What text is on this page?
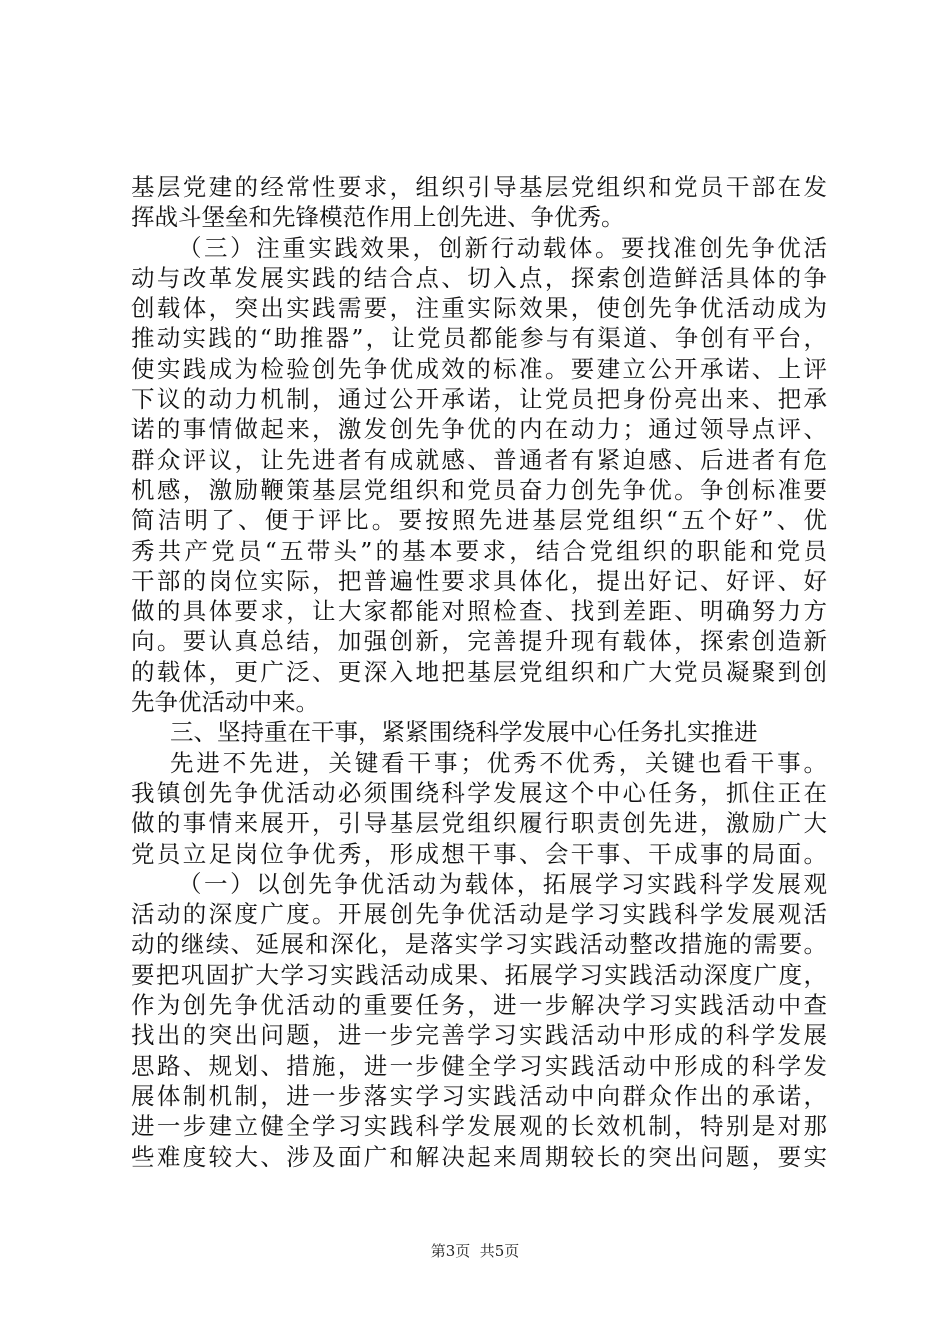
基层党建的经常性要求，组织引导基层党组织和党员干部在发
挥战斗堡垒和先锋模范作用上创先进、争优秀。
（三）注重实践效果，创新行动载体。要找准创先争优活
动与改革发展实践的结合点、切入点，探索创造鲜活具体的争
创载体，突出实践需要，注重实际效果，使创先争优活动成为
推动实践的“助推器”，让党员都能参与有渠道、争创有平台，
使实践成为检验创先争优成效的标准。要建立公开承诺、上评
下议的动力机制，通过公开承诺，让党员把身份亮出来、把承
诺的事情做起来，激发创先争优的内在动力；通过领导点评、
群众评议，让先进者有成就感、普通者有紧迫感、后进者有危
机感，激励鞭策基层党组织和党员奋力创先争优。争创标准要
简洁明了、便于评比。要按照先进基层党组织“五个好”、优
秀共产党员“五带头”的基本要求，结合党组织的职能和党员
干部的岗位实际，把普遍性要求具体化，提出好记、好评、好
做的具体要求，让大家都能对照检查、找到差距、明确努力方
向。要认真总结，加强创新，完善提升现有载体，探索创造新
的载体，更广泛、更深入地把基层党组织和广大党员凝聚到创
先争优活动中来。
三、坚持重在干事，紧紧围绕科学发展中心任务扎实推进
先进不先进，关键看干事；优秀不优秀，关键也看干事。
我镇创先争优活动必须围绕科学发展这个中心任务，抓住正在
做的事情来展开，引导基层党组织履行职责创先进，激励广大
党员立足岗位争优秀，形成想干事、会干事、干成事的局面。
（一）以创先争优活动为载体，拓展学习实践科学发展观
活动的深度广度。开展创先争优活动是学习实践科学发展观活
动的继续、延展和深化，是落实学习实践活动整改措施的需要。
要把巩固扩大学习实践活动成果、拓展学习实践活动深度广度，
作为创先争优活动的重要任务，进一步解决学习实践活动中查
找出的突出问题，进一步完善学习实践活动中形成的科学发展
思路、规划、措施，进一步健全学习实践活动中形成的科学发
展体制机制，进一步落实学习实践活动中向群众作出的承诺，
进一步建立健全学习实践科学发展观的长效机制，特别是对那
些难度较大、涉及面广和解决起来周期较长的突出问题，要实
第3页  共5页
